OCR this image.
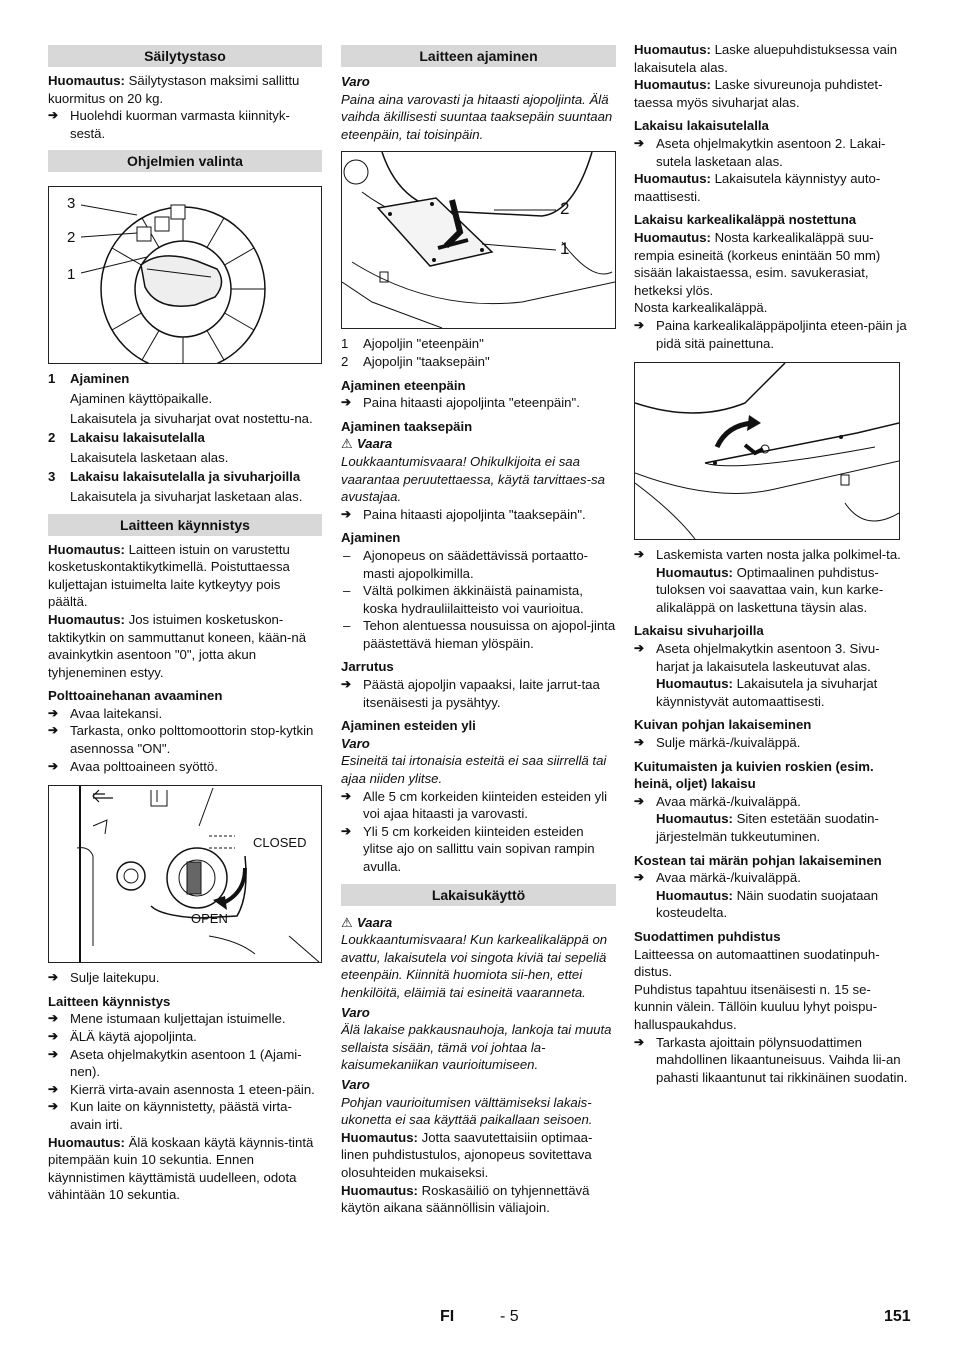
Säilytystaso

Huomautus: Säilytystason maksimi sallittu kuormitus on 20 kg.

➔ Huolehdi kuorman varmasta kiinnityk-sestä.

Ohjelmien valinta
3
2
1

1 Ajaminen

Ajaminen käyttöpaikalle.

Lakaisutela ja sivuharjat ovat nostettu-na.

2 Lakaisu lakaisutelalla

Lakaisutela lasketaan alas.

3 Lakaisu lakaisutelalla ja sivuharjoilla

Lakaisutela ja sivuharjat lasketaan alas.

Laitteen käynnistys

Huomautus: Laitteen istuin on varustettu kosketuskontaktikytkimellä. Poistuttaessa kuljettajan istuimelta laite kytkeytyy pois päältä.

Huomautus: Jos istuimen kosketuskon-taktikytkin on sammuttanut koneen, kään-nä avainkytkin asentoon "0", jotta akun tyhjeneminen estyy.

Polttoainehanan avaaminen

➔ Avaa laitekansi.

➔ Tarkasta, onko polttomoottorin stop-kytkin asennossa "ON".

➔ Avaa polttoaineen syöttö.

CLOSED
OPEN

➔ Sulje laitekupu.

Laitteen käynnistys

➔ Mene istumaan kuljettajan istuimelle.

➔ ÄLÄ käytä ajopoljinta.

➔ Aseta ohjelmakytkin asentoon 1 (Ajami-nen).

➔ Kierrä virta-avain asennosta 1 eteen-päin.

➔ Kun laite on käynnistetty, päästä virta-avain irti.

Huomautus: Älä koskaan käytä käynnis-tintä pitempään kuin 10 sekuntia. Ennen käynnistimen käyttämistä uudelleen, odota vähintään 10 sekuntia.

Laitteen ajaminen

Varo

Paina aina varovasti ja hitaasti ajopoljinta. Älä vaihda äkillisesti suuntaa taaksepäin suuntaan eteenpäin, tai toisinpäin.

2
1

1 Ajopoljin "eteenpäin"

2 Ajopoljin "taaksepäin"

Ajaminen eteenpäin

➔ Paina hitaasti ajopoljinta "eteenpäin".

Ajaminen taaksepäin

⚠ Vaara

Loukkaantumisvaara! Ohikulkijoita ei saa vaarantaa peruutettaessa, käytä tarvittaes-sa avustajaa.

➔ Paina hitaasti ajopoljinta "taaksepäin".

Ajaminen

– Ajonopeus on säädettävissä portaatto-masti ajopolkimilla.

– Vältä polkimen äkkinäistä painamista, koska hydrauliilaitteisto voi vaurioitua.

– Tehon alentuessa nousuissa on ajopol-jinta päästettävä hieman ylöspäin.

Jarrutus

➔ Päästä ajopoljin vapaaksi, laite jarrut-taa itsenäisesti ja pysähtyy.

Ajaminen esteiden yli

Varo

Esineitä tai irtonaisia esteitä ei saa siirrellä tai ajaa niiden ylitse.

➔ Alle 5 cm korkeiden kiinteiden esteiden yli voi ajaa hitaasti ja varovasti.

➔ Yli 5 cm korkeiden kiinteiden esteiden ylitse ajo on sallittu vain sopivan rampin avulla.

Lakaisukäyttö

⚠ Vaara

Loukkaantumisvaara! Kun karkealikaläppä on avattu, lakaisutela voi singota kiviä tai sepeliä eteenpäin. Kiinnitä huomiota sii-hen, ettei henkilöitä, eläimiä tai esineitä vaaranneta.

Varo

Älä lakaise pakkausnauhoja, lankoja tai muuta sellaista sisään, tämä voi johtaa la-kaisumekaniikan vaurioitumiseen.

Varo

Pohjan vaurioitumisen välttämiseksi lakais-ukonetta ei saa käyttää paikallaan seisoen.

Huomautus: Jotta saavutettaisiin optimaa-linen puhdistustulos, ajonopeus sovitettava olosuhteiden mukaiseksi.

Huomautus: Roskasäiliö on tyhjennettävä käytön aikana säännöllisin väliajoin.

Huomautus: Laske aluepuhdistuksessa vain lakaisutela alas.

Huomautus: Laske sivureunoja puhdistet-taessa myös sivuharjat alas.

Lakaisu lakaisutelalla

➔ Aseta ohjelmakytkin asentoon 2. Lakai-sutela lasketaan alas.

Huomautus: Lakaisutela käynnistyy auto-maattisesti.

Lakaisu karkealikaläppä nostettuna

Huomautus: Nosta karkealikaläppä suu-rempia esineitä (korkeus enintään 50 mm) sisään lakaistaessa, esim. savukerasiat, hetkeksi ylös.

Nosta karkealikaläppä.

➔ Paina karkealikaläppäpoljinta eteen-päin ja pidä sitä painettuna.

➔ Laskemista varten nosta jalka polkimel-ta.

Huomautus: Optimaalinen puhdistus-tuloksen voi saavattaa vain, kun karke-alikaläppä on laskettuna täysin alas.

Lakaisu sivuharjoilla

➔ Aseta ohjelmakytkin asentoon 3. Sivu-harjat ja lakaisutela laskeutuvat alas.

Huomautus: Lakaisutela ja sivuharjat käynnistyvät automaattisesti.

Kuivan pohjan lakaiseminen

➔ Sulje märkä-/kuivaläppä.

Kuitumaisten ja kuivien roskien (esim. heinä, oljet) lakaisu

➔ Avaa märkä-/kuivaläppä.

Huomautus: Siten estetään suodatin-järjestelmän tukkeutuminen.

Kostean tai märän pohjan lakaiseminen

➔ Avaa märkä-/kuivaläppä.

Huomautus: Näin suodatin suojataan kosteudelta.

Suodattimen puhdistus

Laitteessa on automaattinen suodatinpuh-distus.

Puhdistus tapahtuu itsenäisesti n. 15 se-kunnin välein. Tällöin kuuluu lyhyt poispu-halluspaukahdus.

➔ Tarkasta ajoittain pölynsuodattimen mahdollinen likaantuneisuus. Vaihda lii-an pahasti likaantunut tai rikkinäinen suodatin.

FI	- 5	151
